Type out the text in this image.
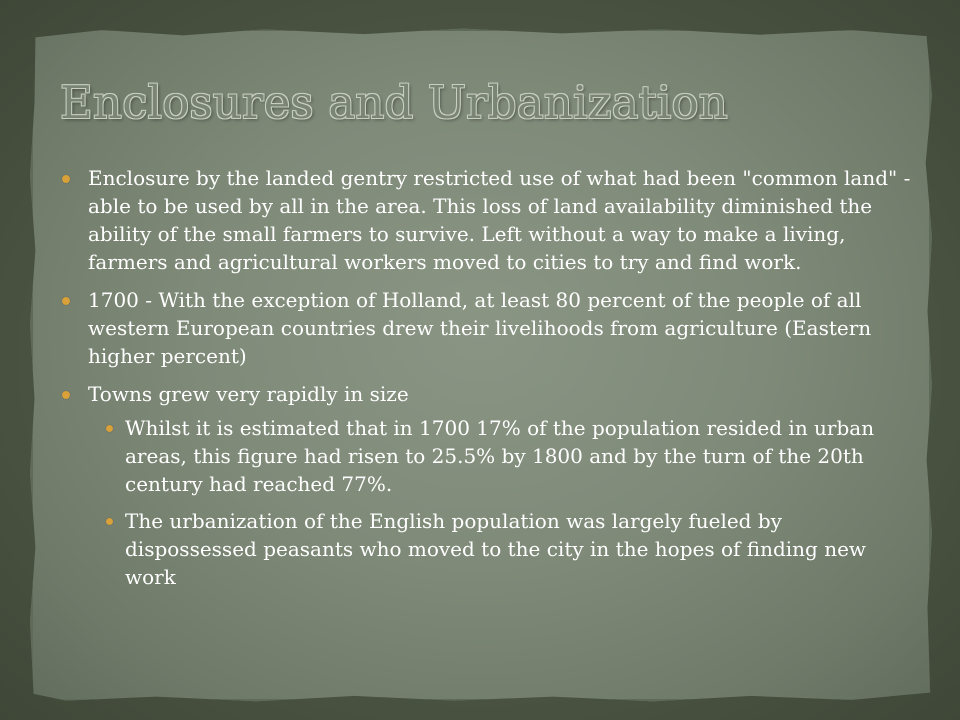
Enclosures and Urbanization
Enclosure by the landed gentry restricted use of what had been "common land" - able to be used by all in the area. This loss of land availability diminished the ability of the small farmers to survive. Left without a way to make a living, farmers and agricultural workers moved to cities to try and find work.
1700 - With the exception of Holland, at least 80 percent of the people of all western European countries drew their livelihoods from agriculture (Eastern higher percent)
Towns grew very rapidly in size
Whilst it is estimated that in 1700 17% of the population resided in urban areas, this figure had risen to 25.5% by 1800 and by the turn of the 20th century had reached 77%.
The urbanization of the English population was largely fueled by dispossessed peasants who moved to the city in the hopes of finding new work
